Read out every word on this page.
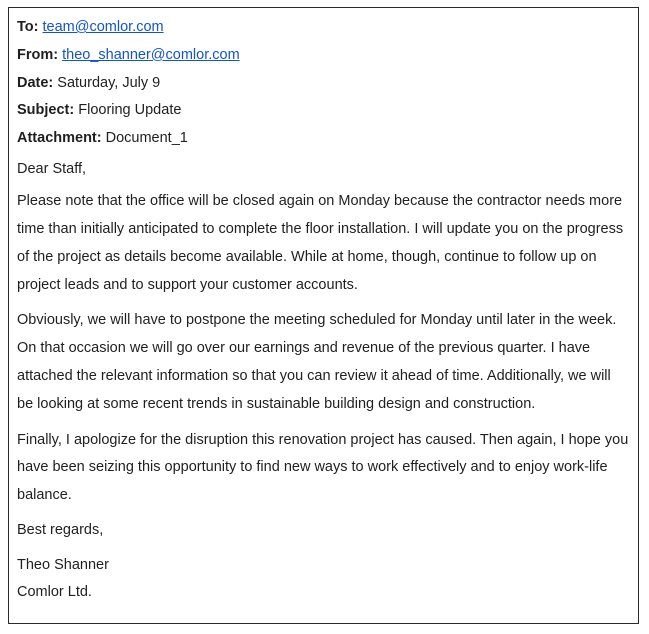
To: team@comlor.com
From: theo_shanner@comlor.com
Date: Saturday, July 9
Subject: Flooring Update
Attachment: Document_1

Dear Staff,

Please note that the office will be closed again on Monday because the contractor needs more time than initially anticipated to complete the floor installation. I will update you on the progress of the project as details become available. While at home, though, continue to follow up on project leads and to support your customer accounts.

Obviously, we will have to postpone the meeting scheduled for Monday until later in the week. On that occasion we will go over our earnings and revenue of the previous quarter. I have attached the relevant information so that you can review it ahead of time. Additionally, we will be looking at some recent trends in sustainable building design and construction.

Finally, I apologize for the disruption this renovation project has caused. Then again, I hope you have been seizing this opportunity to find new ways to work effectively and to enjoy work-life balance.

Best regards,

Theo Shanner

Comlor Ltd.
